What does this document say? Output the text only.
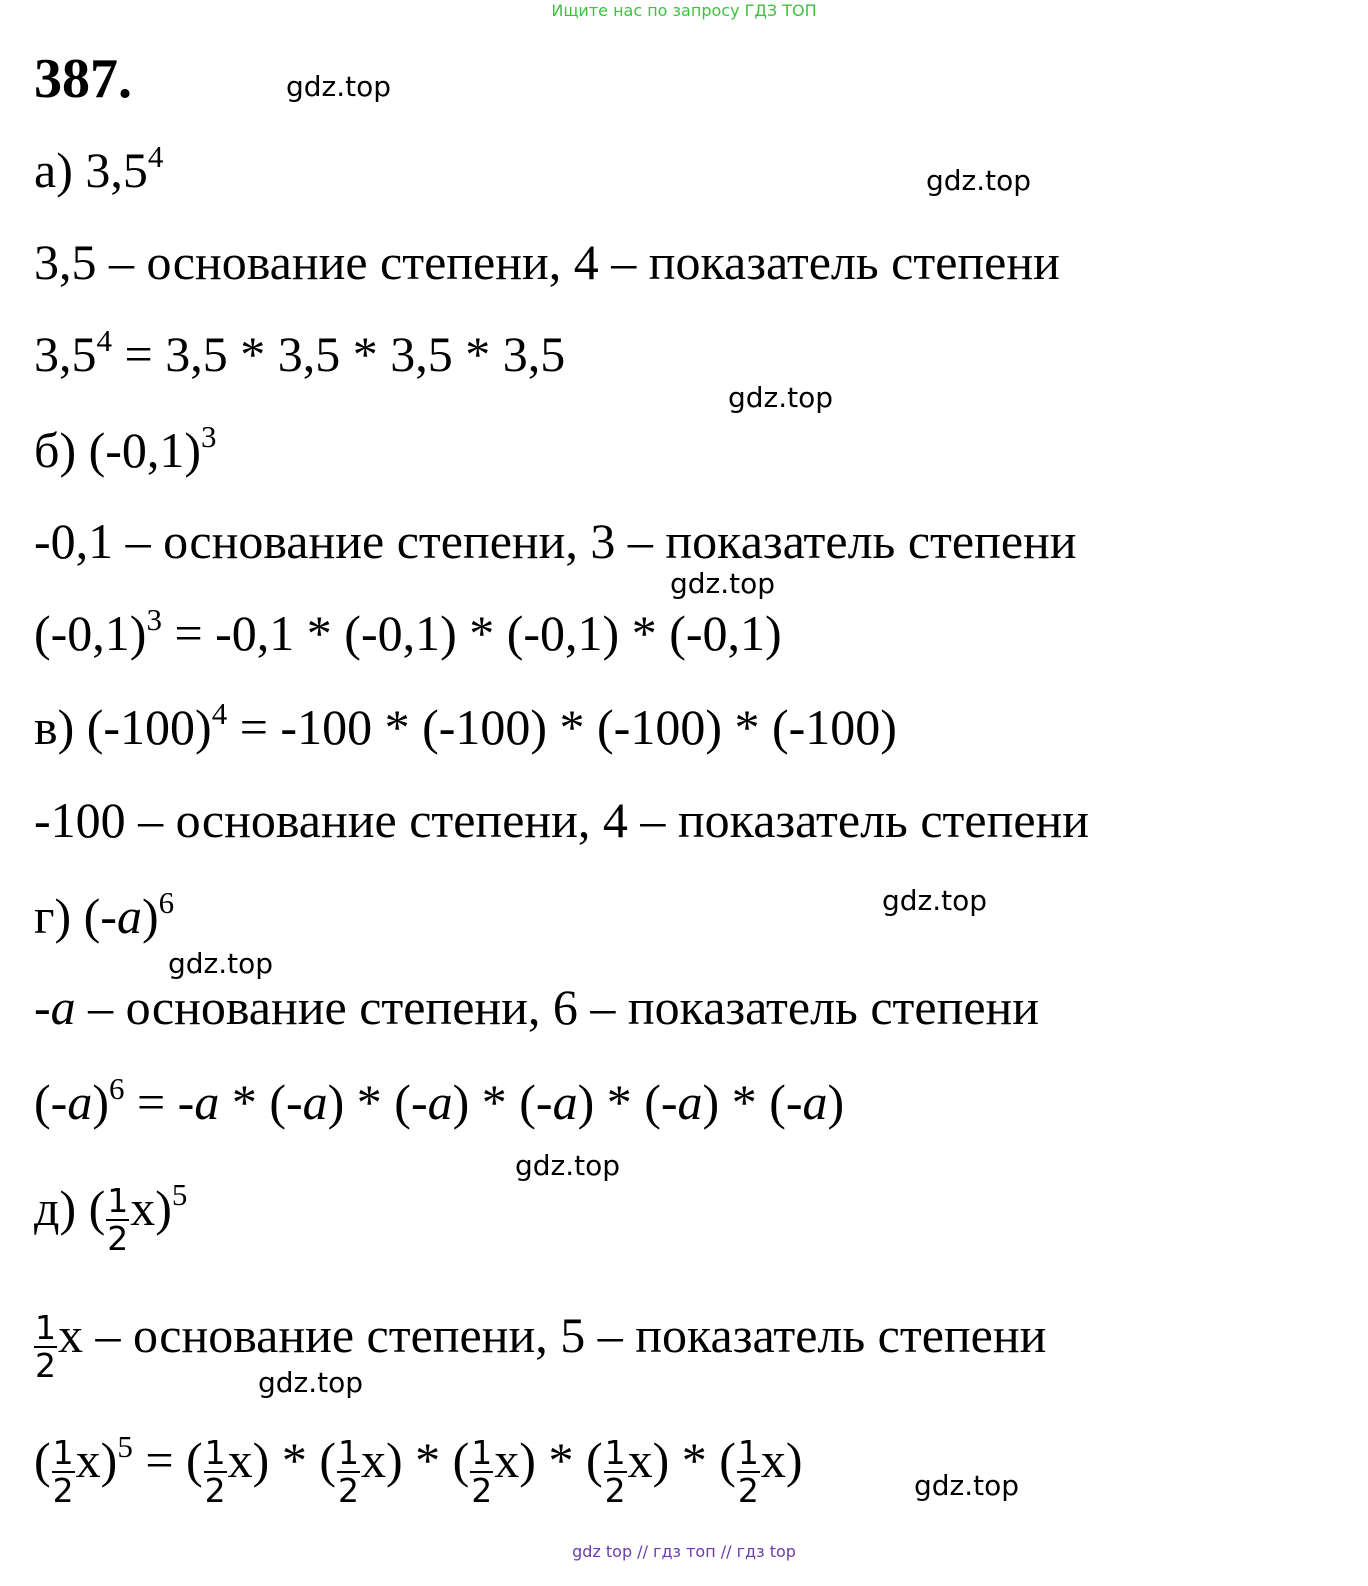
Ищите нас по запросу ГДЗ ТОП
387.	gdz.top
gdz.top
gdz.top
gdz.top
gdz.top
gdz.top
gdz.top
gdz.top
gdz.top
а) $3,5^4$
3,5 – основание степени, 4 – показатель степени
$3,5^4 = 3,5 * 3,5 * 3,5 * 3,5$
б) $(-0,1)^3$
-0,1 – основание степени, 3 – показатель степени
$(-0,1)^3 = -0,1 * (-0,1) * (-0,1) * (-0,1)$
в) $(-100)^4 = -100 * (-100) * (-100) * (-100)$
-100 – основание степени, 4 – показатель степени
г) $(-a)^6$
-a – основание степени, 6 – показатель степени
$(-a)^6 = -a * (-a) * (-a) * (-a) * (-a) * (-a)$
д) ( $\frac{1}{2} x)^5$
$\frac{1}{2}$ x – основание степени, 5 – показатель степени
( $\frac{1}{2} x)^5$ = ( $\frac{1}{2} x$) * ( $\frac{1}{2} x$) * ( $\frac{1}{2} x$) * ( $\frac{1}{2} x$) * ( $\frac{1}{2} x$)
gdz top // гдз топ // гдз top
